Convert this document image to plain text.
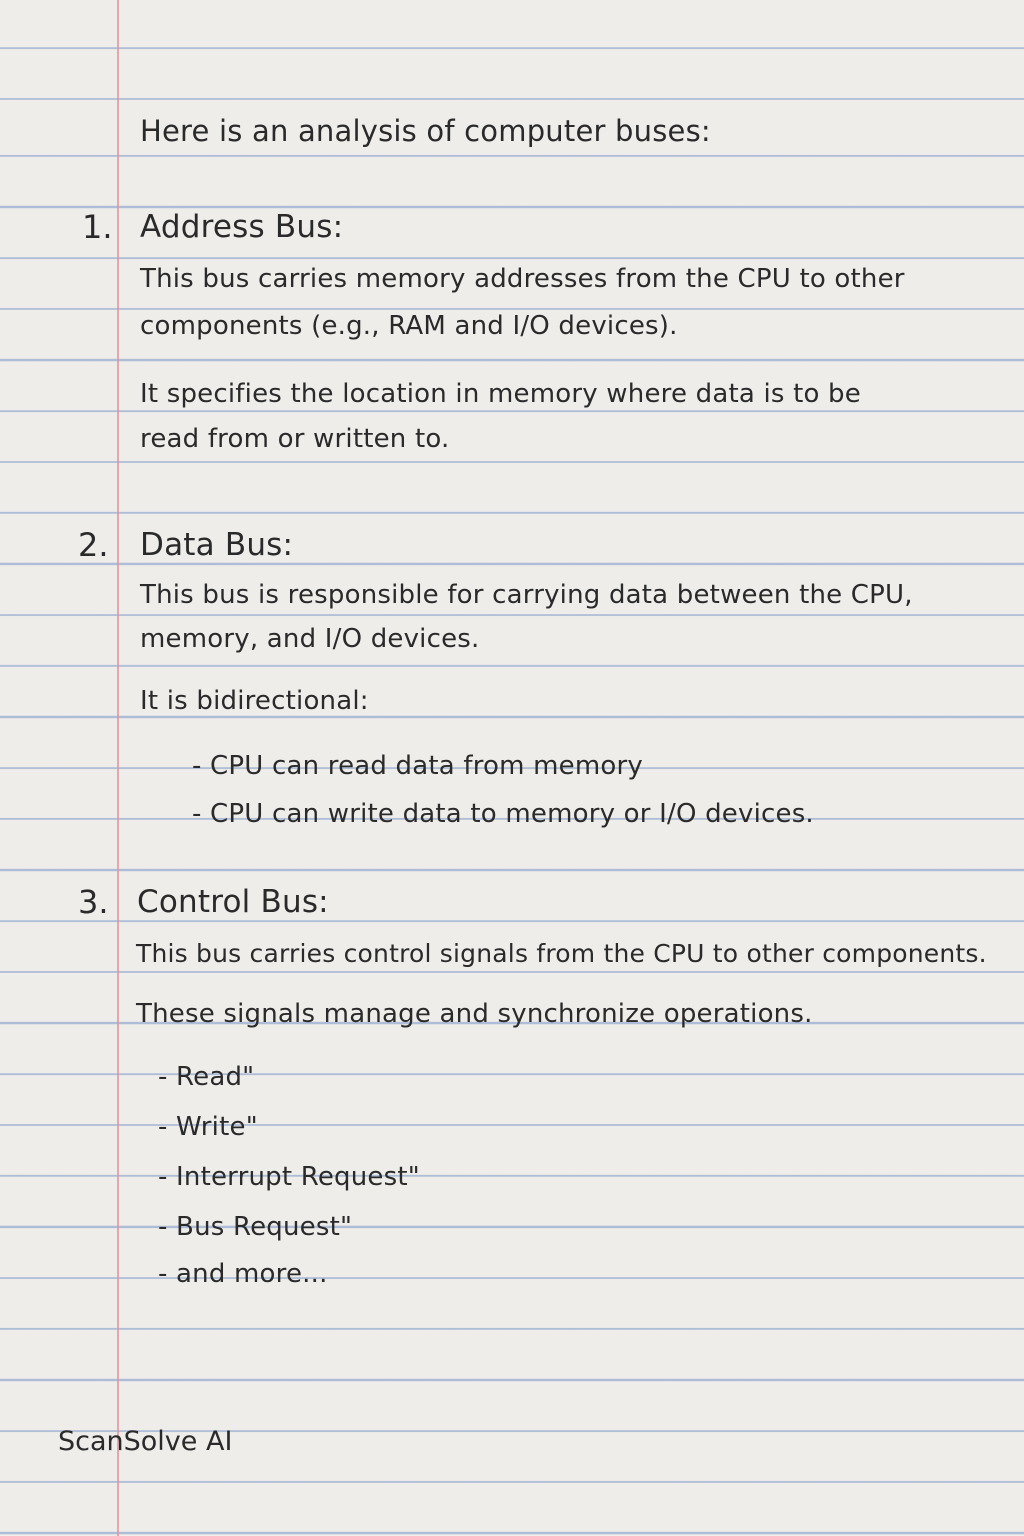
Here is an analysis of computer buses:
1. Address Bus:
This bus carries memory addresses from the CPU to other
components (e.g., RAM and I/O devices).
It specifies the location in memory where data is to be
read from or written to.
2. Data Bus:
This bus is responsible for carrying data between the CPU,
memory, and I/O devices.
It is bidirectional:
- CPU can read data from memory
- CPU can write data to memory or I/O devices.
3. Control Bus:
This bus carries control signals from the CPU to other components.
These signals manage and synchronize operations.
- Read"
- Write"
- Interrupt Request"
- Bus Request"
- and more...
ScanSolve AI
